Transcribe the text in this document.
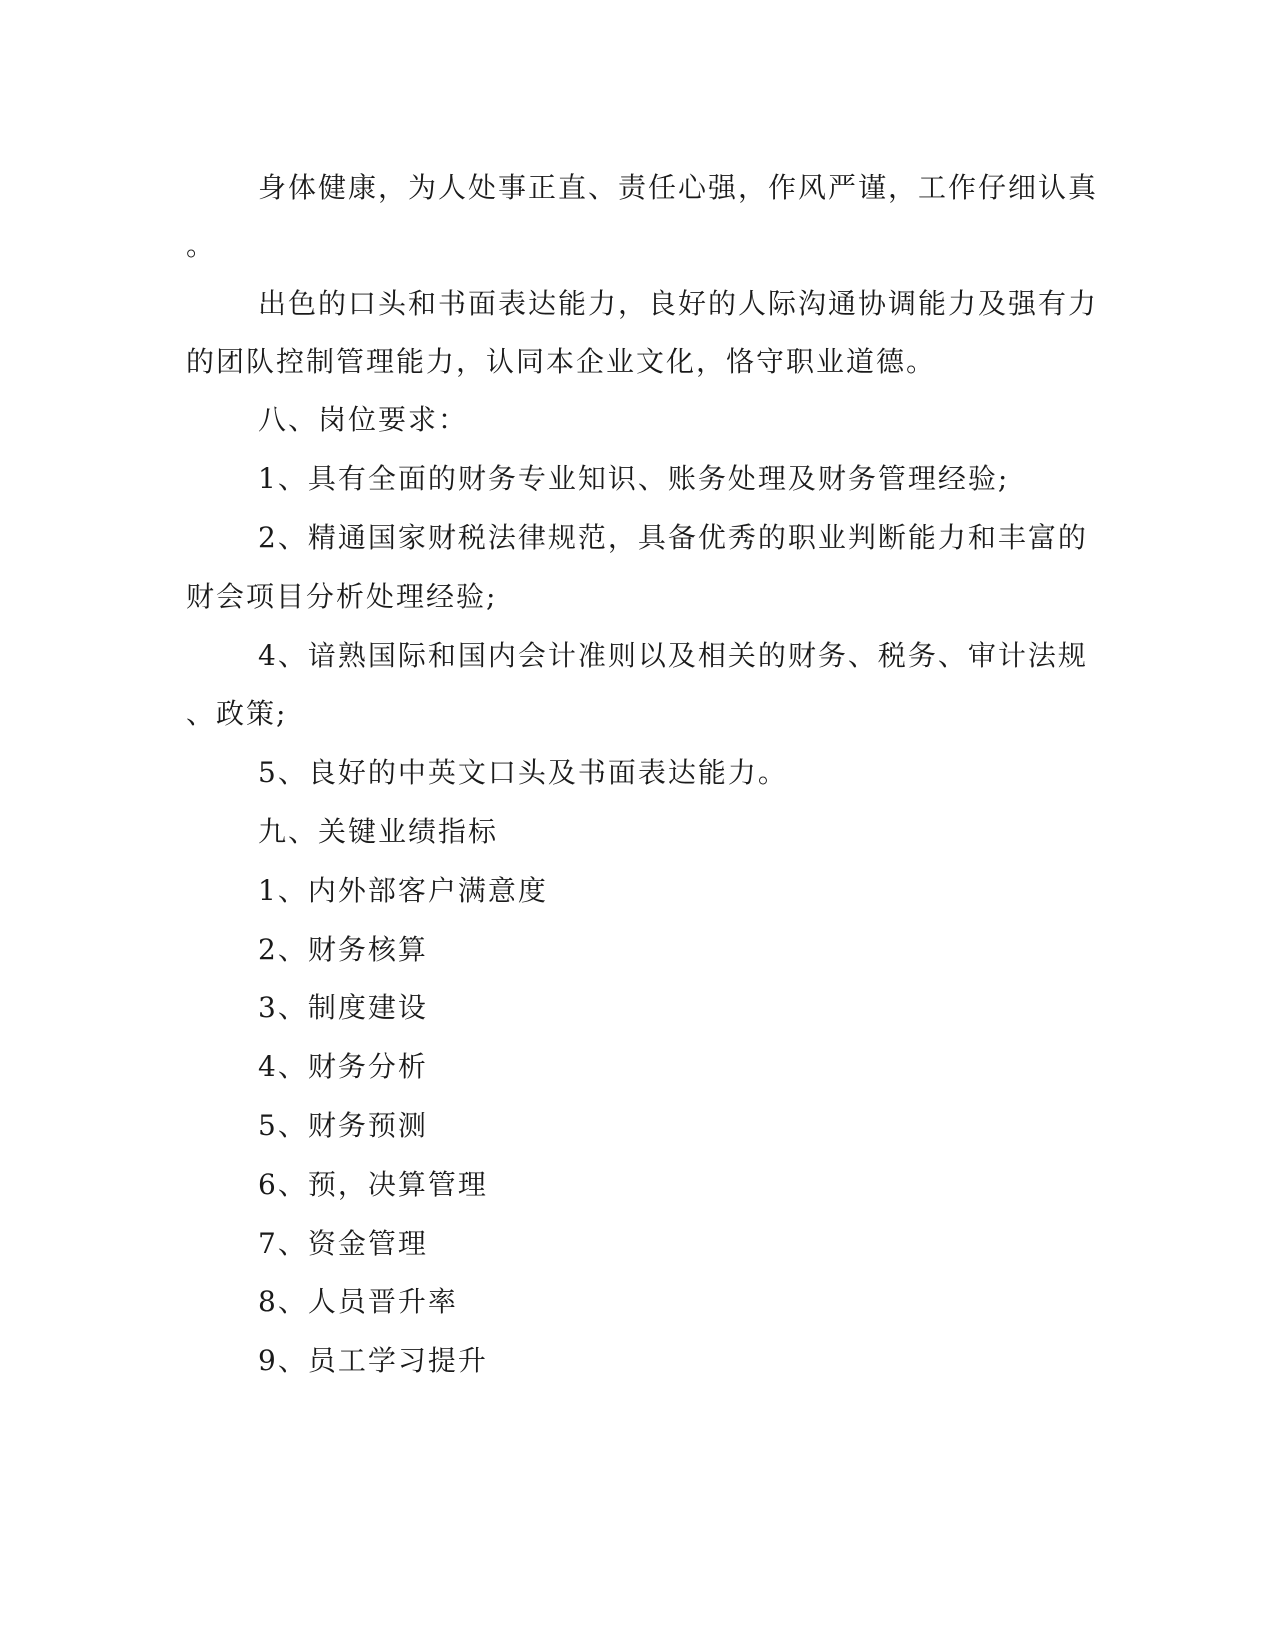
身体健康，为人处事正直、责任心强，作风严谨，工作仔细认真
。
出色的口头和书面表达能力，良好的人际沟通协调能力及强有力
的团队控制管理能力，认同本企业文化，恪守职业道德。
八、岗位要求：
1、具有全面的财务专业知识、账务处理及财务管理经验;
2、精通国家财税法律规范，具备优秀的职业判断能力和丰富的
财会项目分析处理经验;
4、谙熟国际和国内会计准则以及相关的财务、税务、审计法规
、政策;
5、良好的中英文口头及书面表达能力。
九、关键业绩指标
1、内外部客户满意度
2、财务核算
3、制度建设
4、财务分析
5、财务预测
6、预，决算管理
7、资金管理
8、人员晋升率
9、员工学习提升
